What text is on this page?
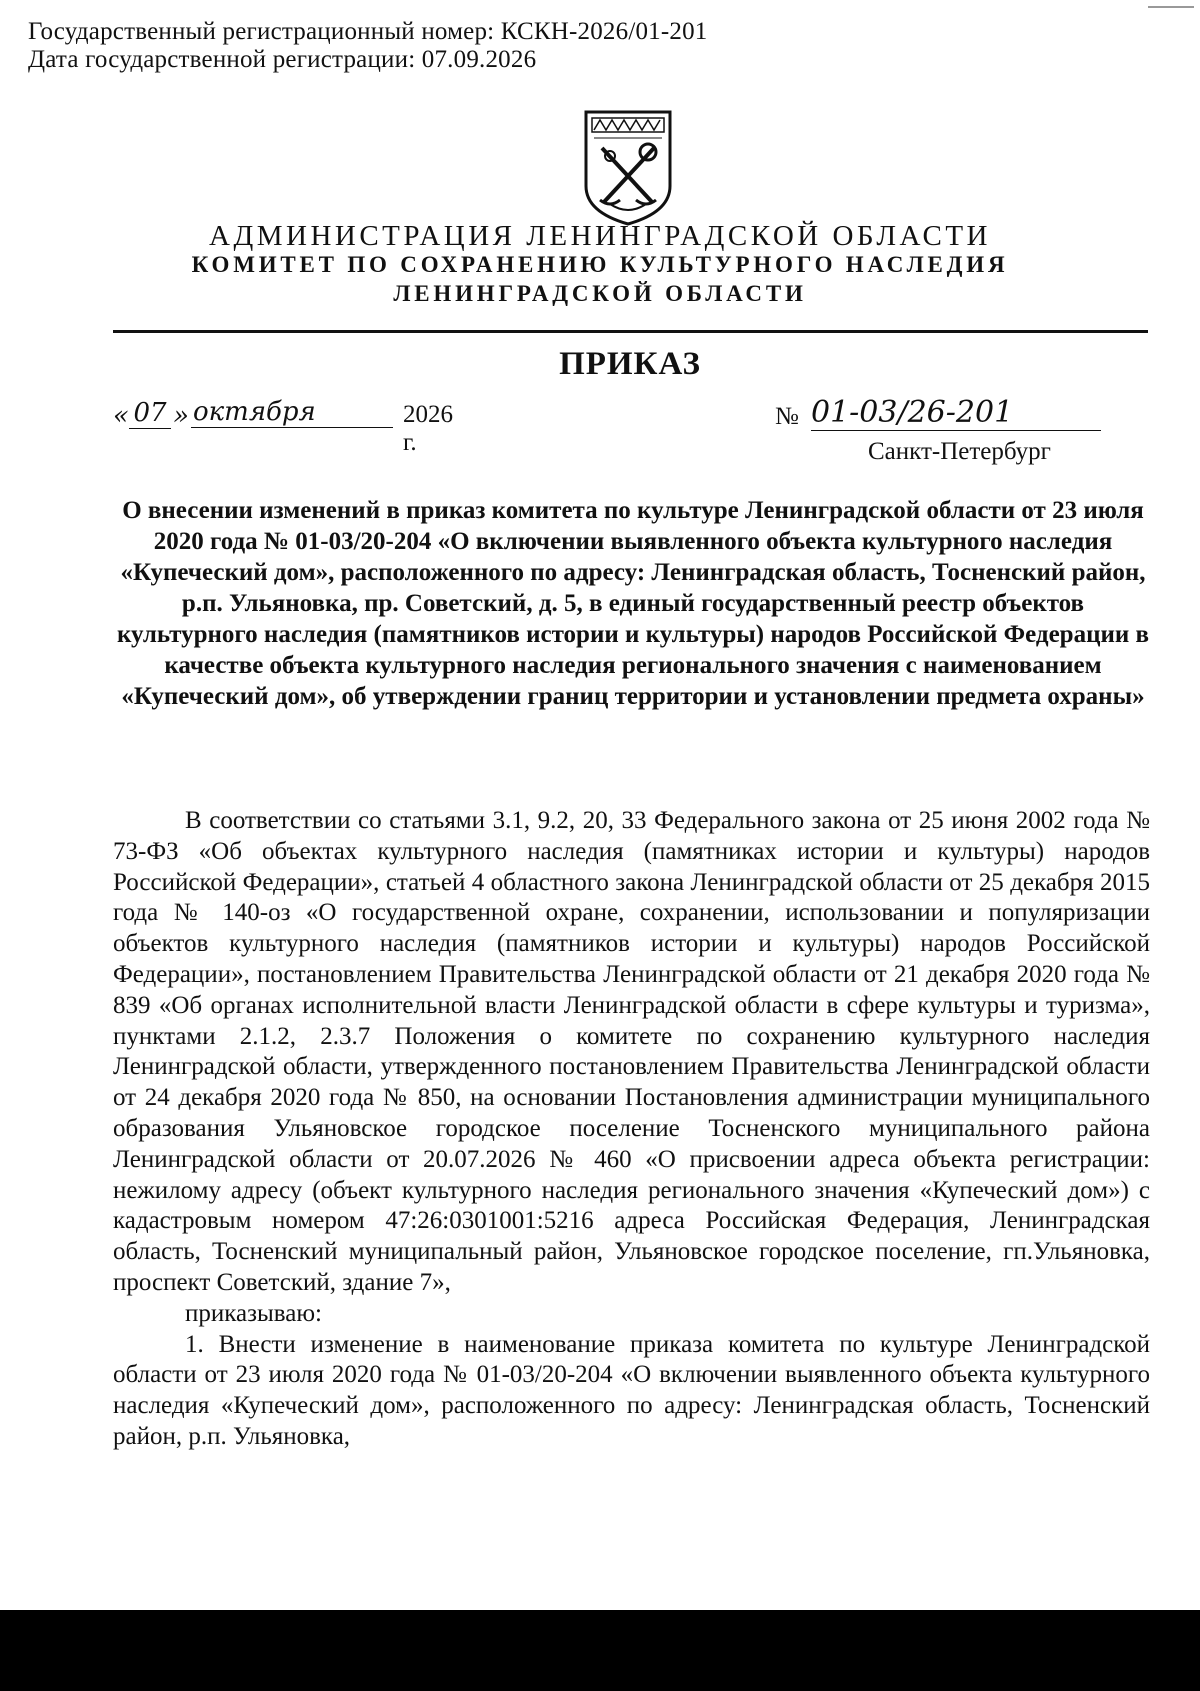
Государственный регистрационный номер: КСКН-2026/01-201
Дата государственной регистрации: 07.09.2026
АДМИНИСТРАЦИЯ ЛЕНИНГРАДСКОЙ ОБЛАСТИ
КОМИТЕТ ПО СОХРАНЕНИЮ КУЛЬТУРНОГО НАСЛЕДИЯ
ЛЕНИНГРАДСКОЙ ОБЛАСТИ
ПРИКАЗ
« 07 » октября	2026 г.
№ 01-03/26-201
Санкт-Петербург
О внесении изменений в приказ комитета по культуре Ленинградской области от 23 июля 2020 года № 01-03/20-204 «О включении выявленного объекта культурного наследия «Купеческий дом», расположенного по адресу: Ленинградская область, Тосненский район, р.п. Ульяновка, пр. Советский, д. 5, в единый государственный реестр объектов культурного наследия (памятников истории и культуры) народов Российской Федерации в качестве объекта культурного наследия регионального значения с наименованием «Купеческий дом», об утверждении границ территории и установлении предмета охраны»

В соответствии со статьями 3.1, 9.2, 20, 33 Федерального закона от 25 июня 2002 года № 73-ФЗ «Об объектах культурного наследия (памятниках истории и культуры) народов Российской Федерации», статьей 4 областного закона Ленинградской области от 25 декабря 2015 года № 140-оз «О государственной охране, сохранении, использовании и популяризации объектов культурного наследия (памятников истории и культуры) народов Российской Федерации», постановлением Правительства Ленинградской области от 21 декабря 2020 года № 839 «Об органах исполнительной власти Ленинградской области в сфере культуры и туризма», пунктами 2.1.2, 2.3.7 Положения о комитете по сохранению культурного наследия Ленинградской области, утвержденного постановлением Правительства Ленинградской области от 24 декабря 2020 года № 850, на основании Постановления администрации муниципального образования Ульяновское городское поселение Тосненского муниципального района Ленинградской области от 20.07.2026 № 460 «О присвоении адреса объекта регистрации: нежилому адресу (объект культурного наследия регионального значения «Купеческий дом») с кадастровым номером 47:26:0301001:5216 адреса Российская Федерация, Ленинградская область, Тосненский муниципальный район, Ульяновское городское поселение, гп.Ульяновка, проспект Советский, здание 7»,

приказываю:

1. Внести изменение в наименование приказа комитета по культуре Ленинградской области от 23 июля 2020 года № 01-03/20-204 «О включении выявленного объекта культурного наследия «Купеческий дом», расположенного по адресу: Ленинградская область, Тосненский район, р.п. Ульяновка,
